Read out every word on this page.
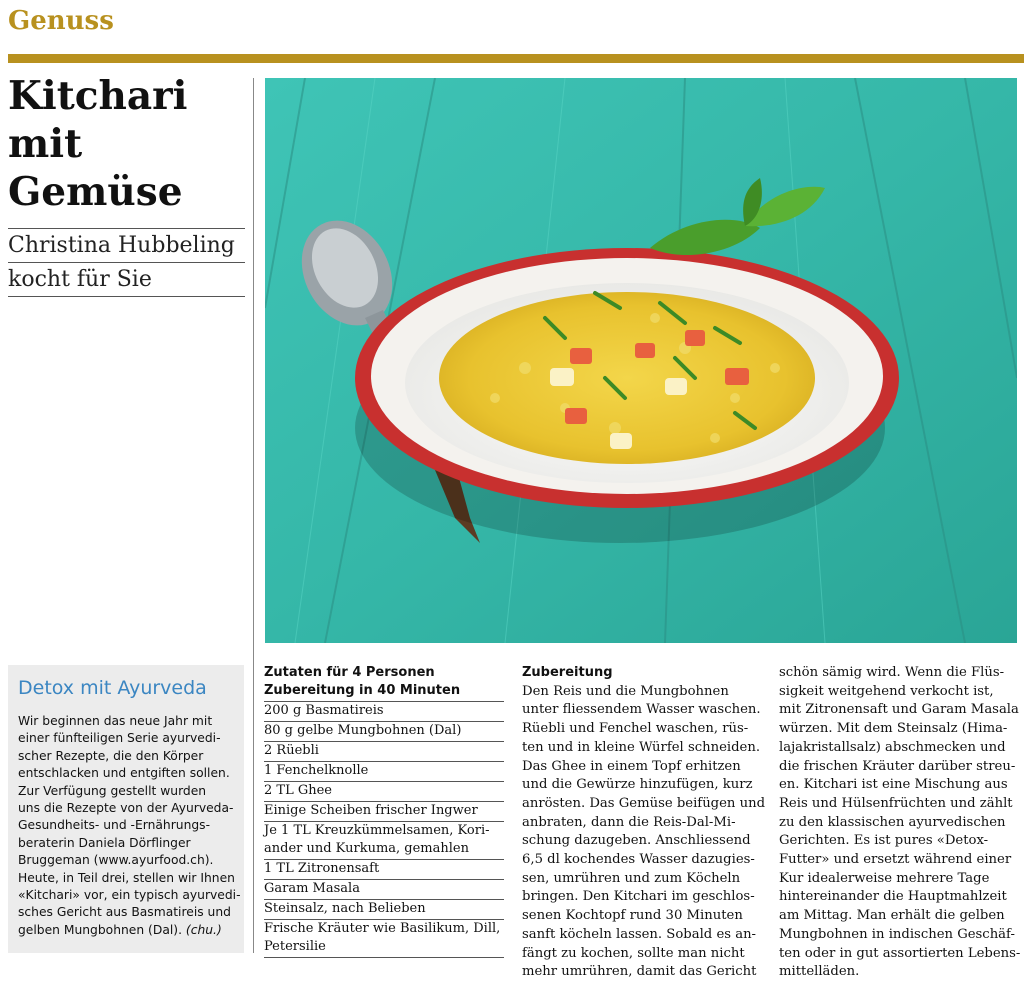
Genuss
Kitchari
mit
Gemüse
Christina Hubbeling
kocht für Sie
Detox mit Ayurveda

Wir beginnen das neue Jahr mit
einer fünfteiligen Serie ayurvedi-
scher Rezepte, die den Körper
entschlacken und entgiften sollen.
Zur Verfügung gestellt wurden
uns die Rezepte von der Ayurveda-
Gesundheits- und -Ernährungs-
beraterin Daniela Dörflinger
Bruggeman (www.ayurfood.ch).
Heute, in Teil drei, stellen wir Ihnen
«Kitchari» vor, ein typisch ayurvedi-
sches Gericht aus Basmatireis und
gelben Mungbohnen (Dal). (chu.)

Zutaten für 4 Personen
Zubereitung in 40 Minuten
200 g Basmatireis
80 g gelbe Mungbohnen (Dal)
2 Rüebli
1 Fenchelknolle
2 TL Ghee
Einige Scheiben frischer Ingwer
Je 1 TL Kreuzkümmelsamen, Kori-
ander und Kurkuma, gemahlen
1 TL Zitronensaft
Garam Masala
Steinsalz, nach Belieben
Frische Kräuter wie Basilikum, Dill,
Petersilie
Zubereitung
Den Reis und die Mungbohnen
unter fliessendem Wasser waschen.
Rüebli und Fenchel waschen, rüs-
ten und in kleine Würfel schneiden.
Das Ghee in einem Topf erhitzen
und die Gewürze hinzufügen, kurz
anrösten. Das Gemüse beifügen und
anbraten, dann die Reis-Dal-Mi-
schung dazugeben. Anschliessend
6,5 dl kochendes Wasser dazugies-
sen, umrühren und zum Köcheln
bringen. Den Kitchari im geschlos-
senen Kochtopf rund 30 Minuten
sanft köcheln lassen. Sobald es an-
fängt zu kochen, sollte man nicht
mehr umrühren, damit das Gericht
schön sämig wird. Wenn die Flüs-
sigkeit weitgehend verkocht ist,
mit Zitronensaft und Garam Masala
würzen. Mit dem Steinsalz (Hima-
lajakristallsalz) abschmecken und
die frischen Kräuter darüber streu-
en. Kitchari ist eine Mischung aus
Reis und Hülsenfrüchten und zählt
zu den klassischen ayurvedischen
Gerichten. Es ist pures «Detox-
Futter» und ersetzt während einer
Kur idealerweise mehrere Tage
hintereinander die Hauptmahlzeit
am Mittag. Man erhält die gelben
Mungbohnen in indischen Geschäf-
ten oder in gut assortierten Lebens-
mittelläden.
